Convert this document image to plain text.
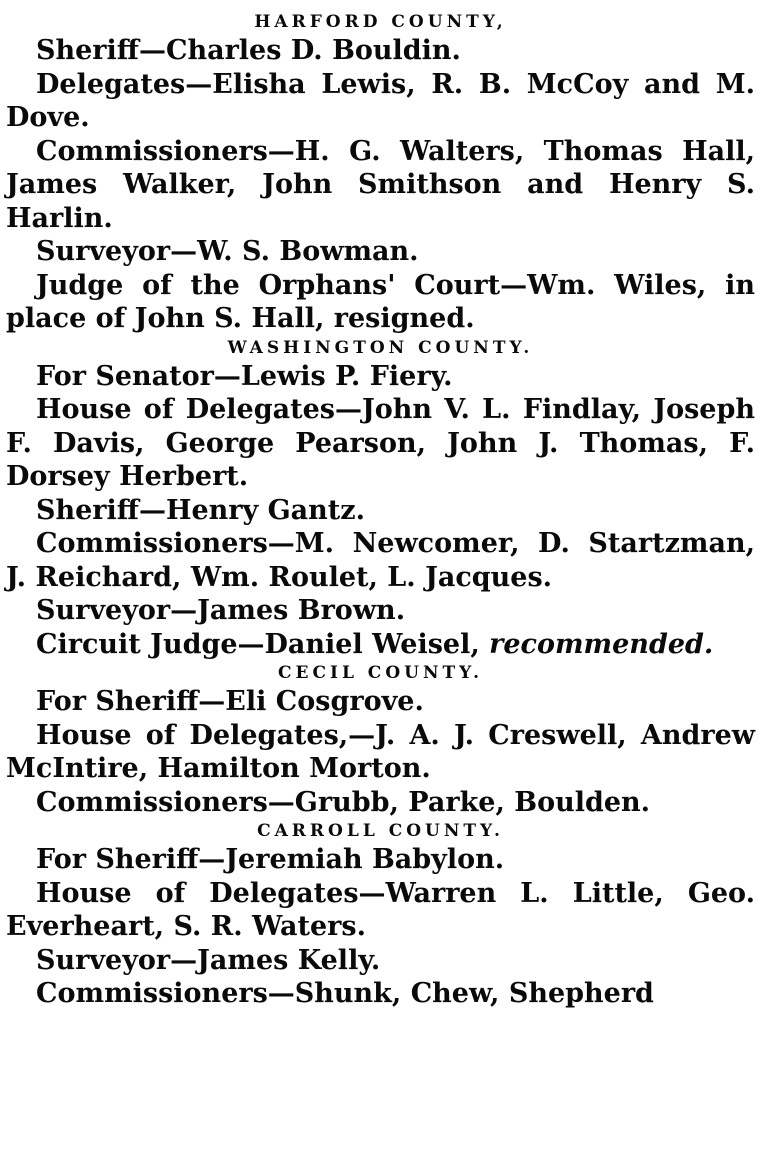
HARFORD COUNTY,

Sheriff—Charles D. Bouldin.

Delegates—Elisha Lewis, R. B. McCoy and M. Dove.

Commissioners—H. G. Walters, Thomas Hall, James Walker, John Smithson and Henry S. Harlin.

Surveyor—W. S. Bowman.

Judge of the Orphans' Court—Wm. Wiles, in place of John S. Hall, resigned.

WASHINGTON COUNTY.

For Senator—Lewis P. Fiery.

House of Delegates—John V. L. Findlay, Joseph F. Davis, George Pearson, John J. Thomas, F. Dorsey Herbert.

Sheriff—Henry Gantz.

Commissioners—M. Newcomer, D. Startzman, J. Reichard, Wm. Roulet, L. Jacques.

Surveyor—James Brown.

Circuit Judge—Daniel Weisel, recommended.

CECIL COUNTY.

For Sheriff—Eli Cosgrove.

House of Delegates,—J. A. J. Creswell, Andrew McIntire, Hamilton Morton.

Commissioners—Grubb, Parke, Boulden.

CARROLL COUNTY.

For Sheriff—Jeremiah Babylon.

House of Delegates—Warren L. Little, Geo. Everheart, S. R. Waters.

Surveyor—James Kelly.

Commissioners—Shunk, Chew, Shepherd
